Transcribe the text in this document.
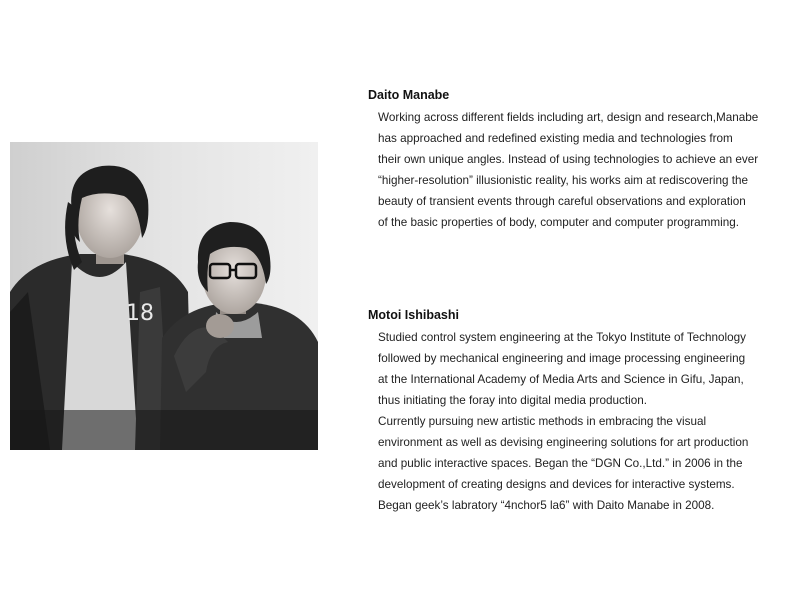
18
Daito Manabe

Working across different fields including art, design and research,Manabe
has approached and redefined existing media and technologies from
their own unique angles. Instead of using technologies to achieve an ever
“higher-resolution” illusionistic reality, his works aim at rediscovering the
beauty of transient events through careful observations and exploration
of the basic properties of body, computer and computer programming.

Motoi Ishibashi

Studied control system engineering at the Tokyo Institute of Technology
followed by mechanical engineering and image processing engineering
at the International Academy of Media Arts and Science in Gifu, Japan,
thus initiating the foray into digital media production.
Currently pursuing new artistic methods in embracing the visual
environment as well as devising engineering solutions for art production
and public interactive spaces. Began the “DGN Co.,Ltd.” in 2006 in the
development of creating designs and devices for interactive systems.
Began geek’s labratory “4nchor5 la6” with Daito Manabe in 2008.
